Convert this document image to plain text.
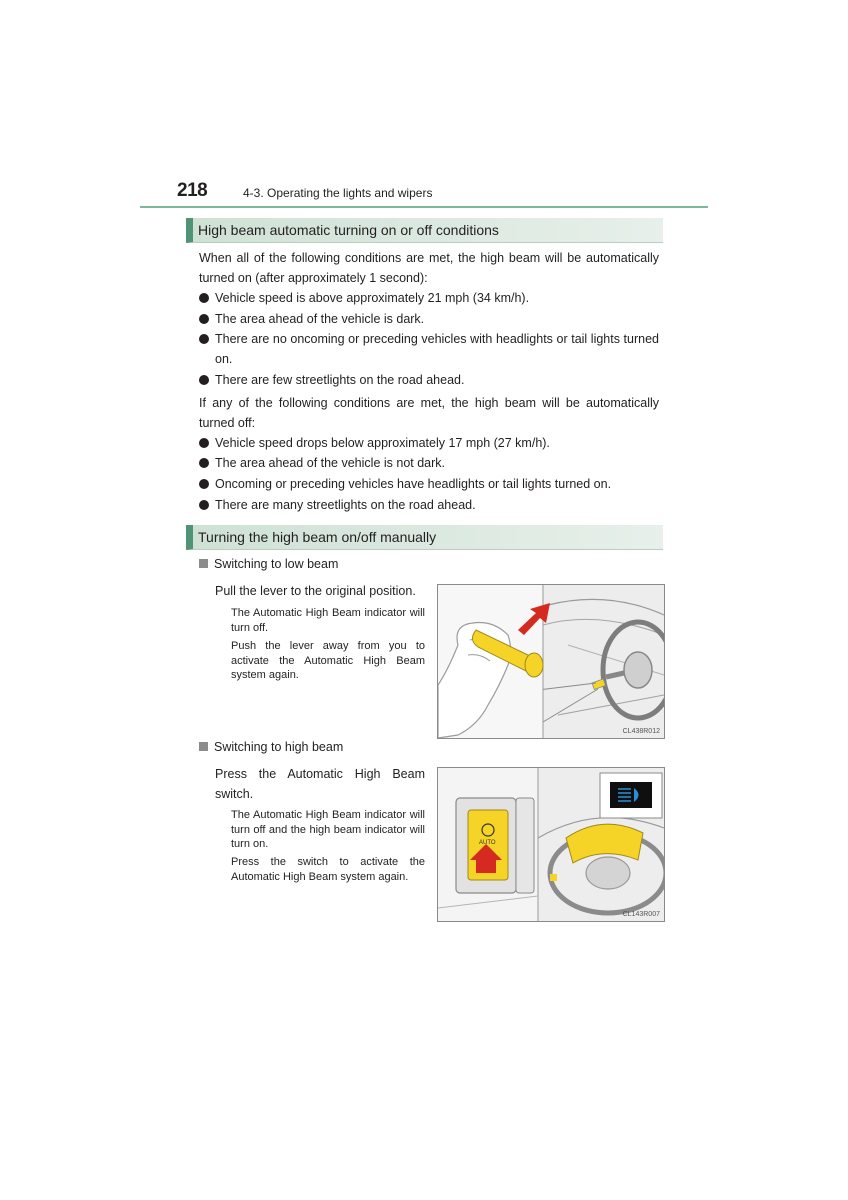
218	4-3. Operating the lights and wipers
High beam automatic turning on or off conditions
When all of the following conditions are met, the high beam will be automatically turned on (after approximately 1 second):
Vehicle speed is above approximately 21 mph (34 km/h).
The area ahead of the vehicle is dark.
There are no oncoming or preceding vehicles with headlights or tail lights turned on.
There are few streetlights on the road ahead.
If any of the following conditions are met, the high beam will be automatically turned off:
Vehicle speed drops below approximately 17 mph (27 km/h).
The area ahead of the vehicle is not dark.
Oncoming or preceding vehicles have headlights or tail lights turned on.
There are many streetlights on the road ahead.
Turning the high beam on/off manually
Switching to low beam
Pull the lever to the original position.
The Automatic High Beam indicator will turn off.
Push the lever away from you to activate the Automatic High Beam system again.
CL438R012
Switching to high beam
Press the Automatic High Beam switch.
The Automatic High Beam indicator will turn off and the high beam indicator will turn on.
Press the switch to activate the Automatic High Beam system again.
AUTO
CL143R007
